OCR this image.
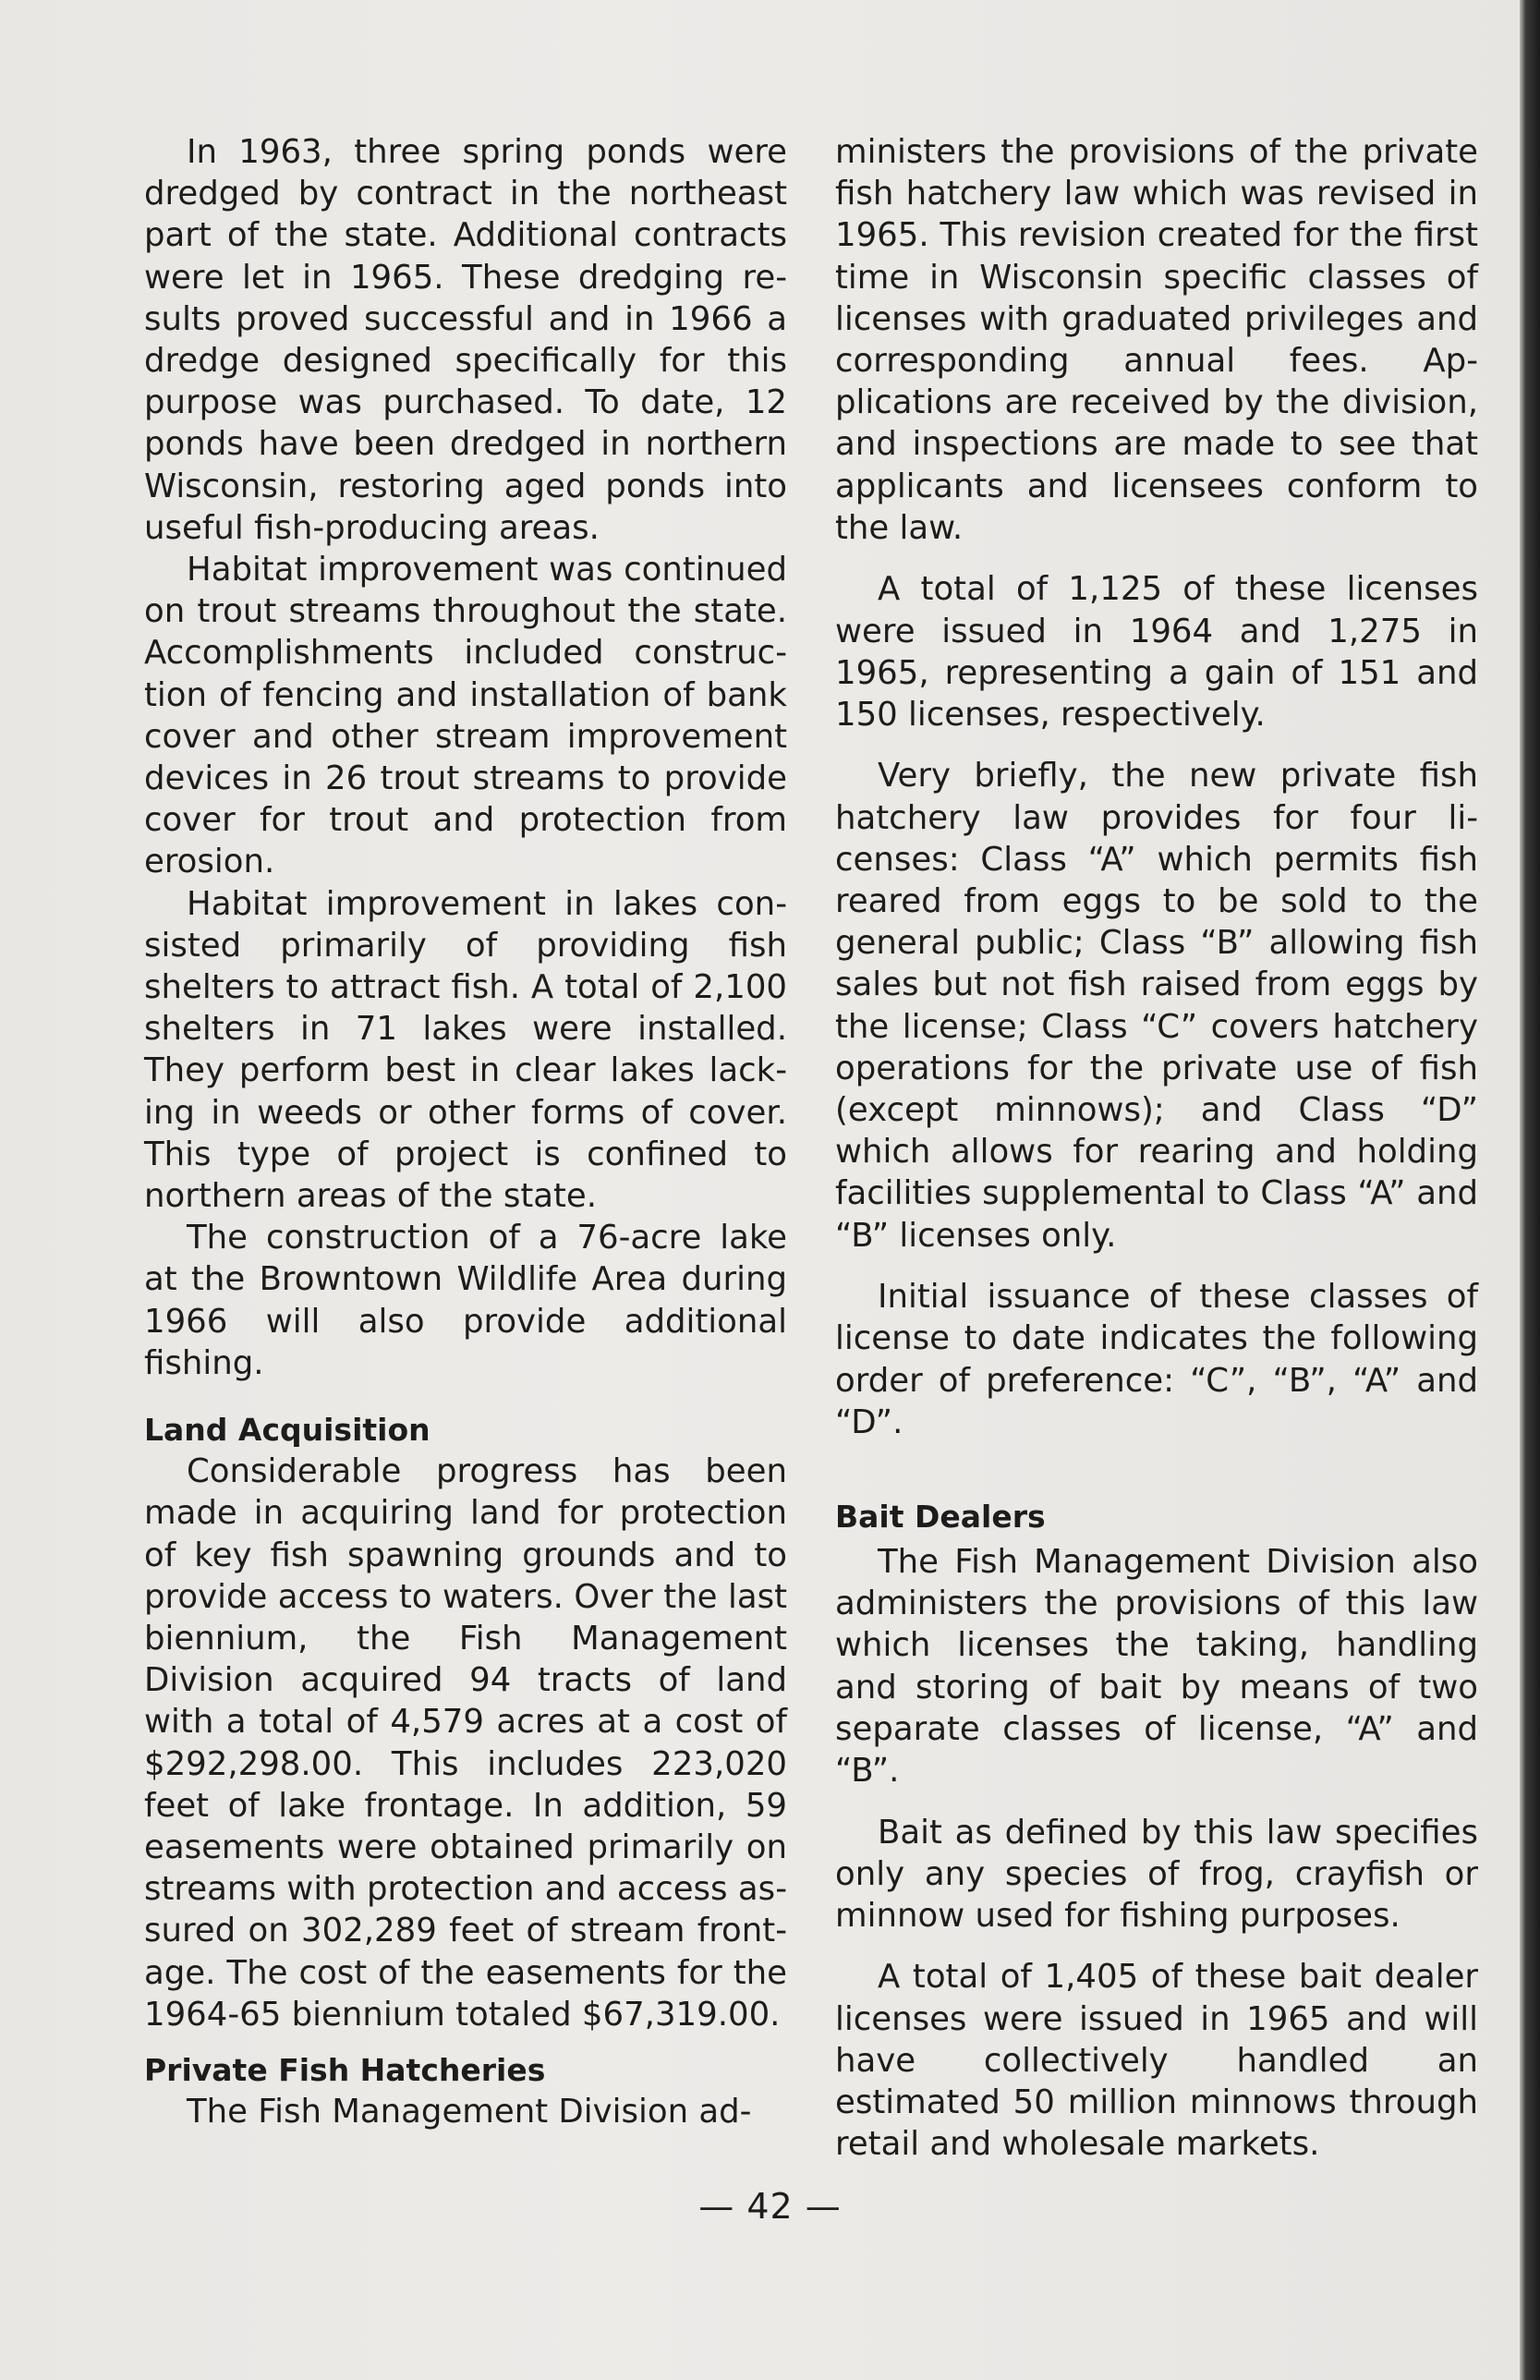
In 1963, three spring ponds were dredged by contract in the northeast part of the state. Additional contracts were let in 1965. These dredging results proved successful and in 1966 a dredge designed specifically for this purpose was purchased. To date, 12 ponds have been dredged in northern Wisconsin, restoring aged ponds into useful fish-producing areas.

Habitat improvement was continued on trout streams throughout the state. Accomplishments included construction of fencing and installation of bank cover and other stream improvement devices in 26 trout streams to provide cover for trout and protection from erosion.

Habitat improvement in lakes consisted primarily of providing fish shelters to attract fish. A total of 2,100 shelters in 71 lakes were installed. They perform best in clear lakes lacking in weeds or other forms of cover. This type of project is confined to northern areas of the state.

The construction of a 76-acre lake at the Browntown Wildlife Area during 1966 will also provide additional fishing.

Land Acquisition

Considerable progress has been made in acquiring land for protection of key fish spawning grounds and to provide access to waters. Over the last biennium, the Fish Management Division acquired 94 tracts of land with a total of 4,579 acres at a cost of $292,298.00. This includes 223,020 feet of lake frontage. In addition, 59 easements were obtained primarily on streams with protection and access assured on 302,289 feet of stream frontage. The cost of the easements for the 1964-65 biennium totaled $67,319.00.

Private Fish Hatcheries

The Fish Management Division ad-

ministers the provisions of the private fish hatchery law which was revised in 1965. This revision created for the first time in Wisconsin specific classes of licenses with graduated privileges and corresponding annual fees. Applications are received by the division, and inspections are made to see that applicants and licensees conform to the law.

A total of 1,125 of these licenses were issued in 1964 and 1,275 in 1965, representing a gain of 151 and 150 licenses, respectively.

Very briefly, the new private fish hatchery law provides for four licenses: Class “A” which permits fish reared from eggs to be sold to the general public; Class “B” allowing fish sales but not fish raised from eggs by the license; Class “C” covers hatchery operations for the private use of fish (except minnows); and Class “D” which allows for rearing and holding facilities supplemental to Class “A” and “B” licenses only.

Initial issuance of these classes of license to date indicates the following order of preference: “C”, “B”, “A” and “D”.

Bait Dealers

The Fish Management Division also administers the provisions of this law which licenses the taking, handling and storing of bait by means of two separate classes of license, “A” and “B”.

Bait as defined by this law specifies only any species of frog, crayfish or minnow used for fishing purposes.

A total of 1,405 of these bait dealer licenses were issued in 1965 and will have collectively handled an estimated 50 million minnows through retail and wholesale markets.

— 42 —
